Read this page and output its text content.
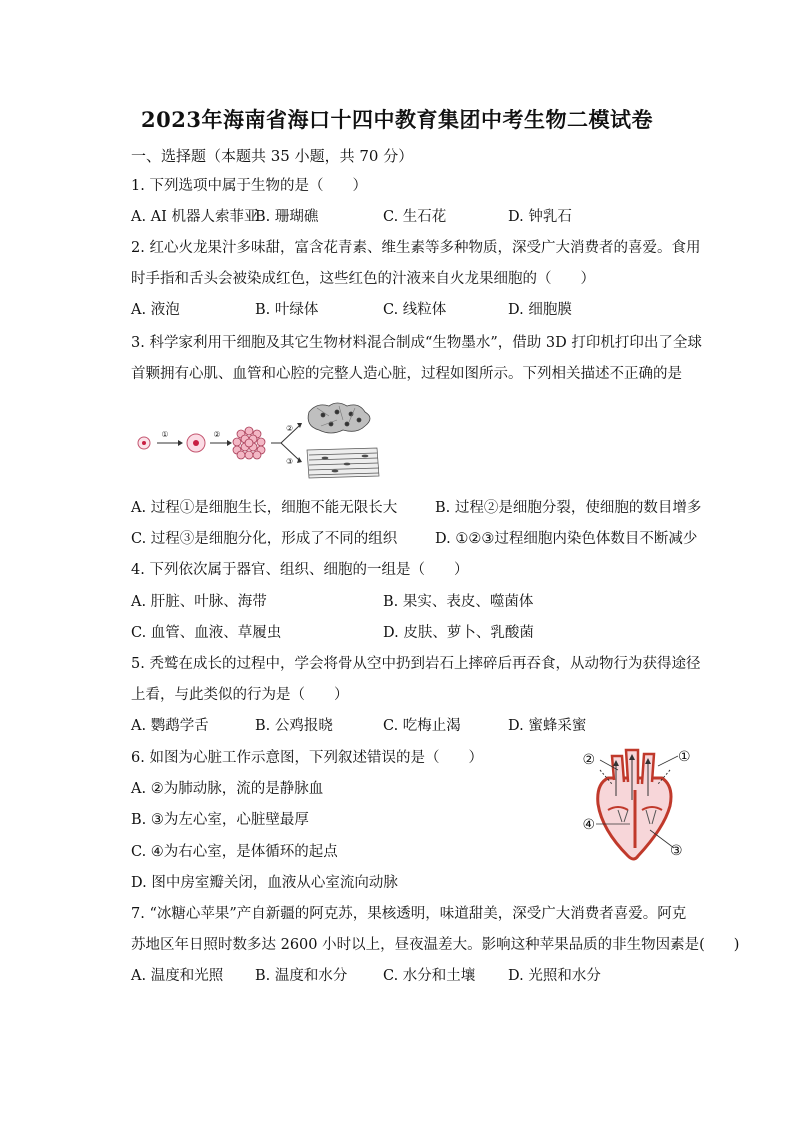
2023年海南省海口十四中教育集团中考生物二模试卷
一、选择题（本题共 35 小题，共 70 分）
1. 下列选项中属于生物的是（　　）
A. AI 机器人索菲亚
B. 珊瑚礁	C. 生石花	D. 钟乳石
2. 红心火龙果汁多味甜，富含花青素、维生素等多种物质，深受广大消费者的喜爱。食用
时手指和舌头会被染成红色，这些红色的汁液来自火龙果细胞的（　　）
A. 液泡	B. 叶绿体	C. 线粒体	D. 细胞膜
3. 科学家利用干细胞及其它生物材料混合制成“生物墨水”，借助 3D 打印机打印出了全球
首颗拥有心肌、血管和心腔的完整人造心脏，过程如图所示。下列相关描述不正确的是
①	②
②
③
A. 过程①是细胞生长，细胞不能无限长大	B. 过程②是细胞分裂，使细胞的数目增多
C. 过程③是细胞分化，形成了不同的组织	D. ①②③过程细胞内染色体数目不断减少
4. 下列依次属于器官、组织、细胞的一组是（　　）
A. 肝脏、叶脉、海带	B. 果实、表皮、噬菌体
C. 血管、血液、草履虫	D. 皮肤、萝卜、乳酸菌
5. 秃鹫在成长的过程中，学会将骨从空中扔到岩石上摔碎后再吞食，从动物行为获得途径
上看，与此类似的行为是（　　）
A. 鹦鹉学舌	B. 公鸡报晓	C. 吃梅止渴	D. 蜜蜂采蜜
6. 如图为心脏工作示意图，下列叙述错误的是（　　）
A. ②为肺动脉，流的是静脉血
B. ③为左心室，心脏壁最厚
C. ④为右心室，是体循环的起点
D. 图中房室瓣关闭，血液从心室流向动脉
①
②
③
④
7. “冰糖心苹果”产自新疆的阿克苏，果核透明，味道甜美，深受广大消费者喜爱。阿克
苏地区年日照时数多达 2600 小时以上，昼夜温差大。影响这种苹果品质的非生物因素是(　　)
A. 温度和光照 B. 温度和水分 C. 水分和土壤 D. 光照和水分
